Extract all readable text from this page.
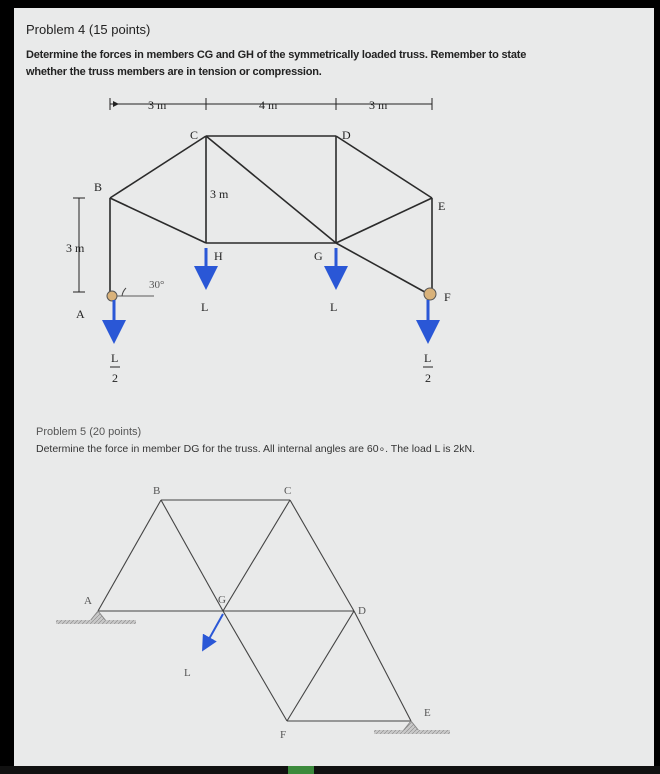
Problem 4 (15 points)
Determine the forces in members CG and GH of the symmetrically loaded truss. Remember to state
whether the truss members are in tension or compression.
3 m	4 m	3 m
3 m
30°
A
B
C	D
E
F
G
H
3 m
L	L
L
2
L
2
B	C
A	G
D
E
F
L
Problem 5 (20 points)
Determine the force in member DG for the truss. All internal angles are 60∘. The load L is 2kN.
